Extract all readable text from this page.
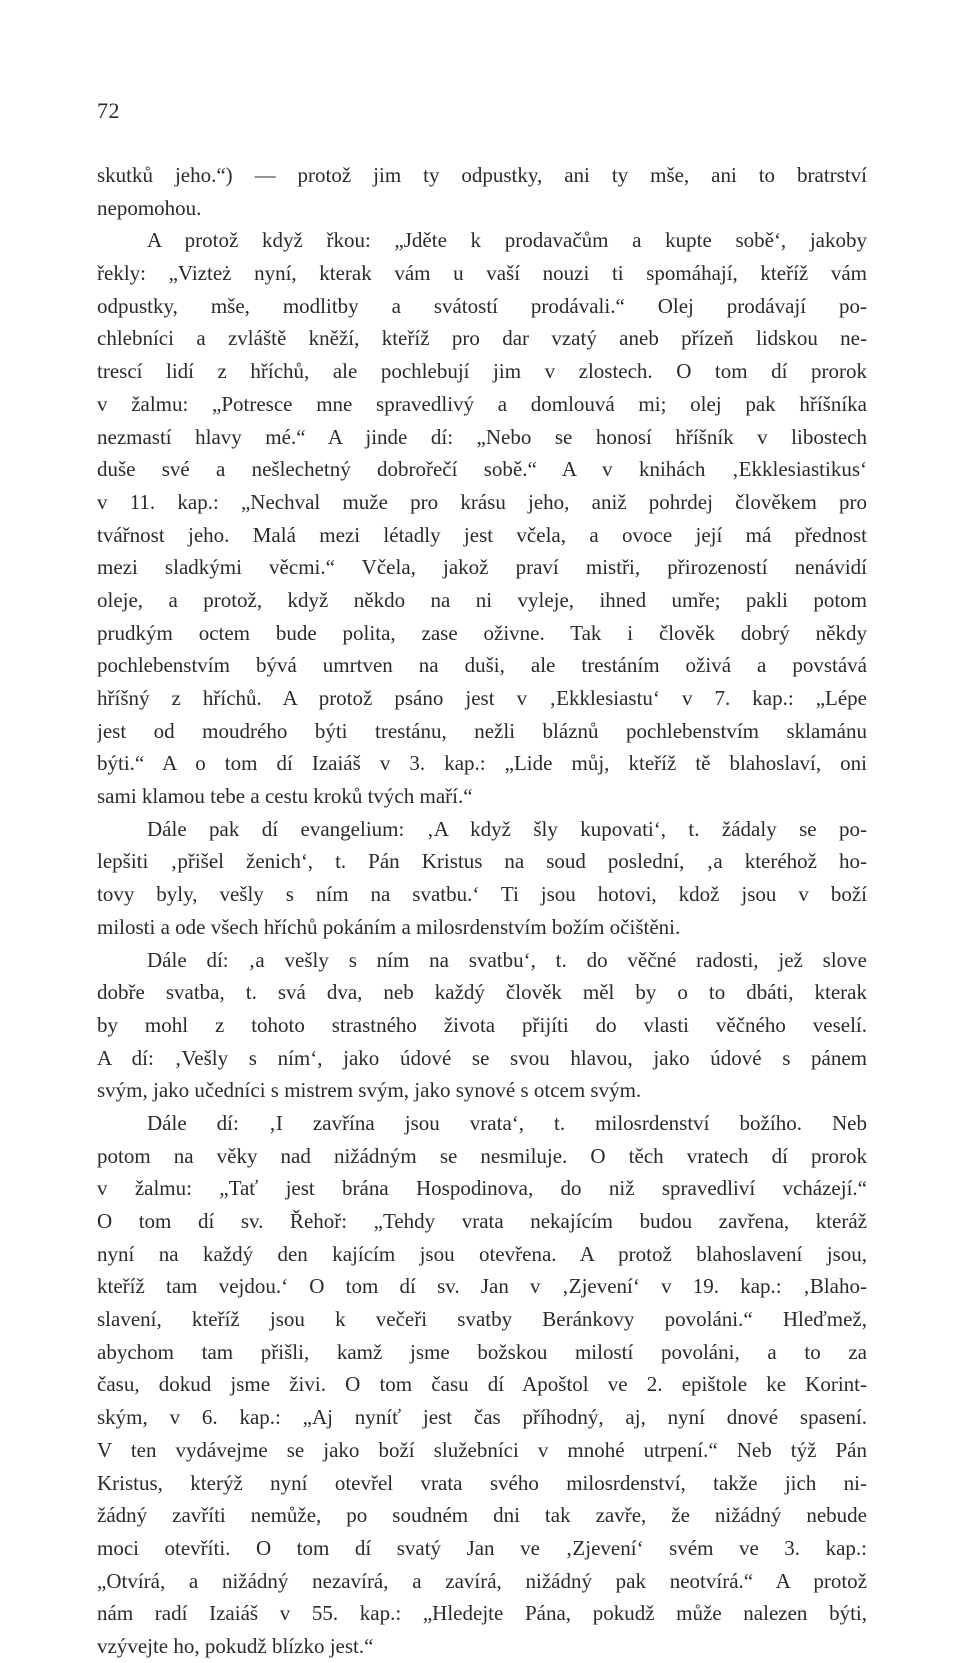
72
skutků jeho.“) — protož jim ty odpustky, ani ty mše, ani to bratrství
nepomohou.
A protož když řkou: „Jděte k prodavačům a kupte sobě‘, jakoby
řekly: „Vizteż nyní, kterak vám u vaší nouzi ti spomáhají, kteříž vám
odpustky, mše, modlitby a svátostí prodávali.“ Olej prodávají po-
chlebníci a zvláště kněží, kteříž pro dar vzatý aneb přízeň lidskou ne-
trescí lidí z hříchů, ale pochlebují jim v zlostech. O tom dí prorok
v žalmu: „Potresce mne spravedlivý a domlouvá mi; olej pak hříšníka
nezmastí hlavy mé.“ A jinde dí: „Nebo se honosí hříšník v libostech
duše své a nešlechetný dobrořečí sobě.“ A v knihách ‚Ekklesiastikus‘
v 11. kap.: „Nechval muže pro krásu jeho, aniž pohrdej člověkem pro
tvářnost jeho. Malá mezi létadly jest včela, a ovoce její má přednost
mezi sladkými věcmi.“ Včela, jakož praví mistři, přirozeností nenávidí
oleje, a protož, když někdo na ni vyleje, ihned umře; pakli potom
prudkým octem bude polita, zase oživne. Tak i člověk dobrý někdy
pochlebenstvím bývá umrtven na duši, ale trestáním oživá a povstává
hříšný z hříchů. A protož psáno jest v ‚Ekklesiastu‘ v 7. kap.: „Lépe
jest od moudrého býti trestánu, nežli bláznů pochlebenstvím sklamánu
býti.“ A o tom dí Izaiáš v 3. kap.: „Lide můj, kteříž tě blahoslaví, oni
sami klamou tebe a cestu kroků tvých maří.“
Dále pak dí evangelium: ‚A když šly kupovati‘, t. žádaly se po-
lepšiti ‚přišel ženich‘, t. Pán Kristus na soud poslední, ‚a kteréhož ho-
tovy byly, vešly s ním na svatbu.‘ Ti jsou hotovi, kdož jsou v boží
milosti a ode všech hříchů pokáním a milosrdenstvím božím očištěni.
Dále dí: ‚a vešly s ním na svatbu‘, t. do věčné radosti, jež slove
dobře svatba, t. svá dva, neb každý člověk měl by o to dbáti, kterak
by mohl z tohoto strastného života přijíti do vlasti věčného veselí.
A dí: ‚Vešly s ním‘, jako údové se svou hlavou, jako údové s pánem
svým, jako učedníci s mistrem svým, jako synové s otcem svým.
Dále dí: ‚I zavřína jsou vrata‘, t. milosrdenství božího. Neb
potom na věky nad nižádným se nesmiluje. O těch vratech dí prorok
v žalmu: „Tať jest brána Hospodinova, do niž spravedliví vcházejí.“
O tom dí sv. Řehoř: „Tehdy vrata nekajícím budou zavřena, kteráž
nyní na každý den kajícím jsou otevřena. A protož blahoslavení jsou,
kteříž tam vejdou.‘ O tom dí sv. Jan v ‚Zjevení‘ v 19. kap.: ‚Blaho-
slavení, kteříž jsou k večeři svatby Beránkovy povoláni.“ Hleďmež,
abychom tam přišli, kamž jsme božskou milostí povoláni, a to za
času, dokud jsme živi. O tom času dí Apoštol ve 2. epištole ke Korint-
ským, v 6. kap.: „Aj nyníť jest čas příhodný, aj, nyní dnové spasení.
V ten vydávejme se jako boží služebníci v mnohé utrpení.“ Neb týž Pán
Kristus, kterýž nyní otevřel vrata svého milosrdenství, takže jich ni-
žádný zavříti nemůže, po soudném dni tak zavře, že nižádný nebude
moci otevříti. O tom dí svatý Jan ve ‚Zjevení‘ svém ve 3. kap.:
„Otvírá, a nižádný nezavírá, a zavírá, nižádný pak neotvírá.“ A protož
nám radí Izaiáš v 55. kap.: „Hledejte Pána, pokudž může nalezen býti,
vzývejte ho, pokudž blízko jest.“
